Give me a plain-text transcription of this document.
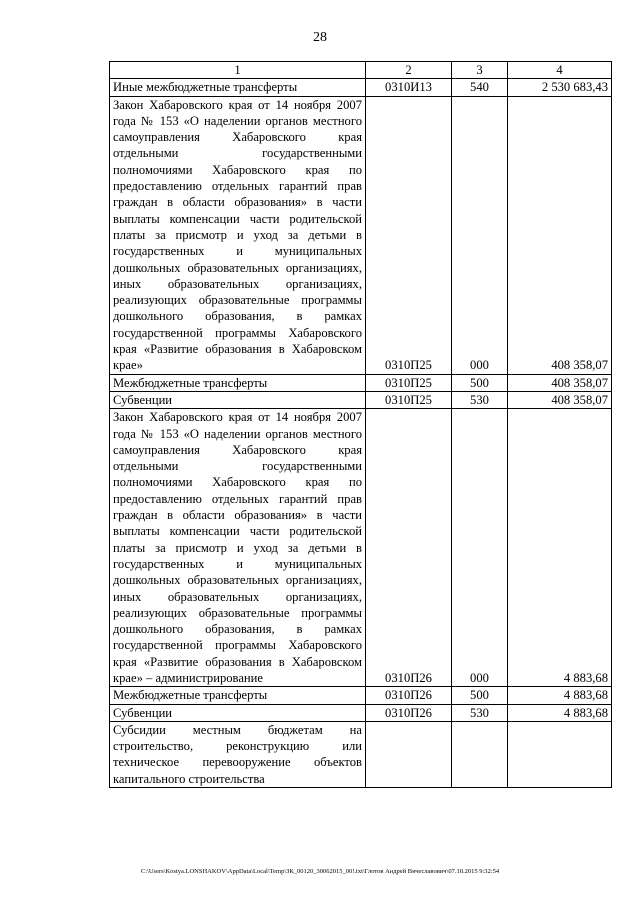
28
1	2	3	4
Иные межбюджетные трансферты	0310И13	540	2 530 683,43
Закон Хабаровского края от 14 ноября 2007 года № 153 «О наделении органов местного самоуправления Хабаровского края отдельными государственными полномочиями Хабаровского края по предоставлению отдельных гарантий прав граждан в области образования» в части выплаты компенсации части родительской платы за присмотр и уход за детьми в государственных и муниципальных дошкольных образовательных организациях, иных образовательных организациях, реализующих образовательные программы дошкольного образования, в рамках государственной программы Хабаровского края «Развитие образования в Хабаровском крае»	0310П25	000	408 358,07
Межбюджетные трансферты	0310П25	500	408 358,07
Субвенции	0310П25	530	408 358,07
Закон Хабаровского края от 14 ноября 2007 года № 153 «О наделении органов местного самоуправления Хабаровского края отдельными государственными полномочиями Хабаровского края по предоставлению отдельных гарантий прав граждан в области образования» в части выплаты компенсации части родительской платы за присмотр и уход за детьми в государственных и муниципальных дошкольных образовательных организациях, иных образовательных организациях, реализующих образовательные программы дошкольного образования, в рамках государственной программы Хабаровского края «Развитие образования в Хабаровском крае» – администрирование	0310П26	000	4 883,68
Межбюджетные трансферты	0310П26	500	4 883,68
Субвенции	0310П26	530	4 883,68
Субсидии местным бюджетам на строительство, реконструкцию или техническое перевооружение объектов капитального строительства			
C:\Users\Kostya.LONSHAKOV\AppData\Local\Temp\ЗК_00120_30062015_00!.txt\Глотов Андрей Вячеславович\07.10.2015 9:32:54
